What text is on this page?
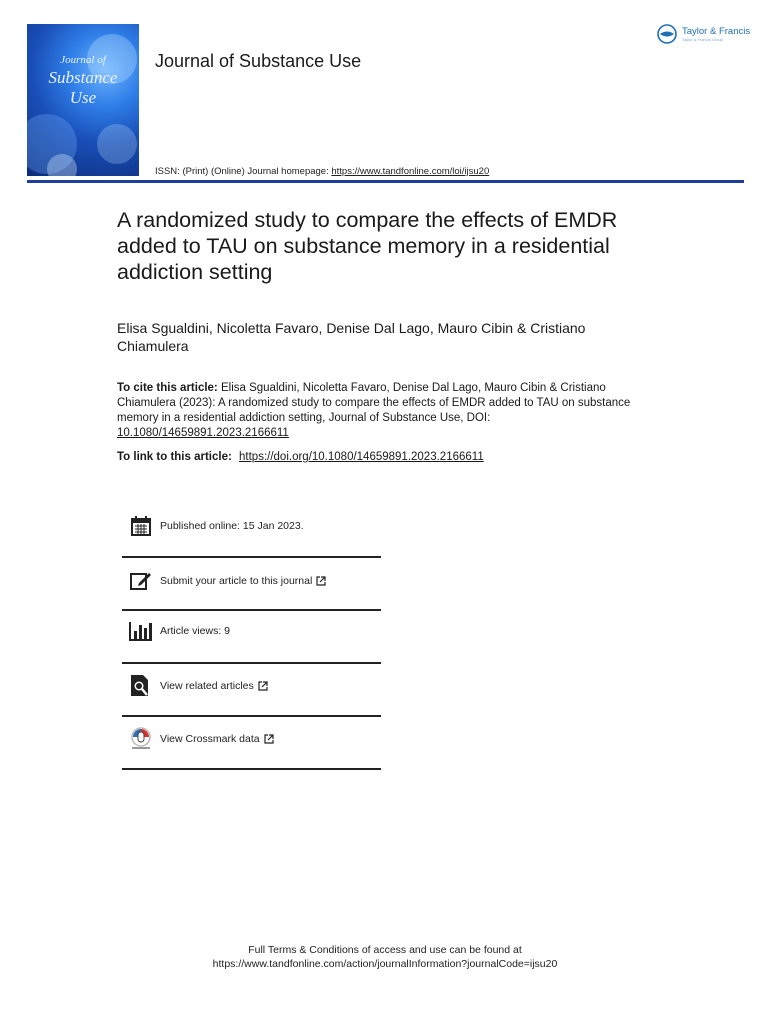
Journal of
Substance
Use
Journal of Substance Use
ISSN: (Print) (Online) Journal homepage: https://www.tandfonline.com/loi/ijsu20
Taylor & Francis
Taylor & Francis Group
A randomized study to compare the effects of EMDR added to TAU on substance memory in a residential addiction setting
Elisa Sgualdini, Nicoletta Favaro, Denise Dal Lago, Mauro Cibin & Cristiano Chiamulera
To cite this article: Elisa Sgualdini, Nicoletta Favaro, Denise Dal Lago, Mauro Cibin & Cristiano Chiamulera (2023): A randomized study to compare the effects of EMDR added to TAU on substance memory in a residential addiction setting, Journal of Substance Use, DOI: 10.1080/14659891.2023.2166611
To link to this article: https://doi.org/10.1080/14659891.2023.2166611
Published online: 15 Jan 2023.
Submit your article to this journal
Article views: 9
View related articles
View Crossmark data
Full Terms & Conditions of access and use can be found at
https://www.tandfonline.com/action/journalInformation?journalCode=ijsu20
